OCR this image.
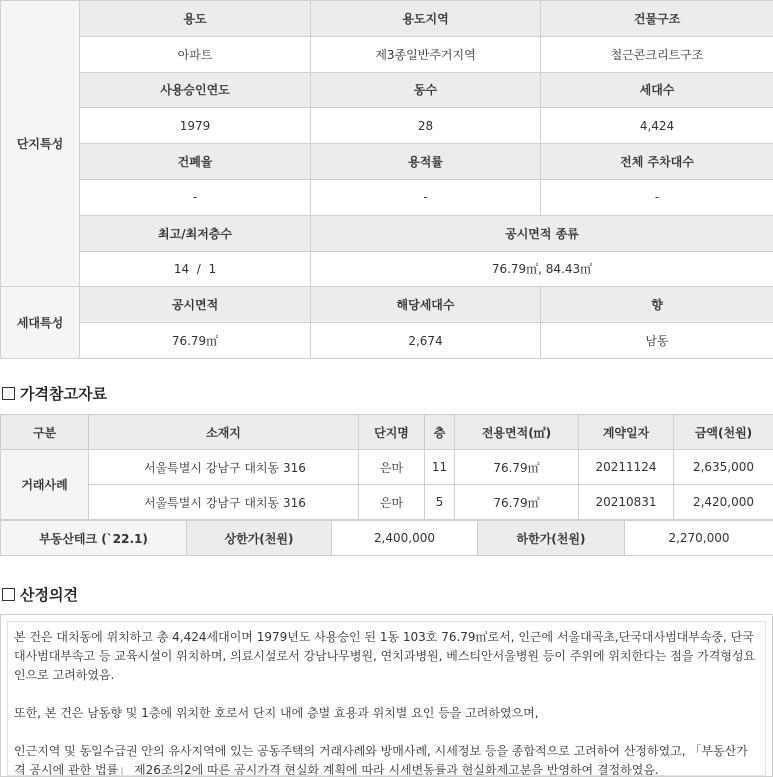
단지특성	용도	용도지역	건물구조
	아파트	제3종일반주거지역	철근콘크리트구조
	사용승인연도	동수	세대수
	1979	28	4,424
	건폐율	용적률	전체 주차대수
	-	-	-
	최고/최저층수	공시면적 종류	
	14  /  1	76.79㎡, 84.43㎡	
세대특성	공시면적	해당세대수	향
	76.79㎡	2,674	남동
가격참고자료
구분	소재지	단지명	층	전용면적(㎡)	계약일자	금액(천원)
거래사례	서울특별시 강남구 대치동 316	은마	11	76.79㎡	20211124	2,635,000
	서울특별시 강남구 대치동 316	은마	5	76.79㎡	20210831	2,420,000
부동산테크 (`22.1)	상한가(천원)	2,400,000	하한가(천원)	2,270,000
산정의견

본 건은 대치동에 위치하고 총 4,424세대이며 1979년도 사용승인 된 1동 103호 76.79㎡로서, 인근에 서울대곡초,단국대사범대부속중, 단국대사범대부속고 등 교육시설이 위치하며, 의료시설로서 강남나무병원, 연치과병원, 베스티안서울병원 등이 주위에 위치한다는 점을 가격형성요인으로 고려하였음.

또한, 본 건은 남동향 및 1층에 위치한 호로서 단지 내에 층별 효용과 위치별 요인 등을 고려하였으며,

인근지역 및 동일수급권 안의 유사지역에 있는 공동주택의 거래사례와 방매사례, 시세정보 등을 종합적으로 고려하여 산정하였고, 「부동산가격 공시에 관한 법률」 제26조의2에 따른 공시가격 현실화 계획에 따라 시세변동률과 현실화제고분을 반영하여 결정하였음.
